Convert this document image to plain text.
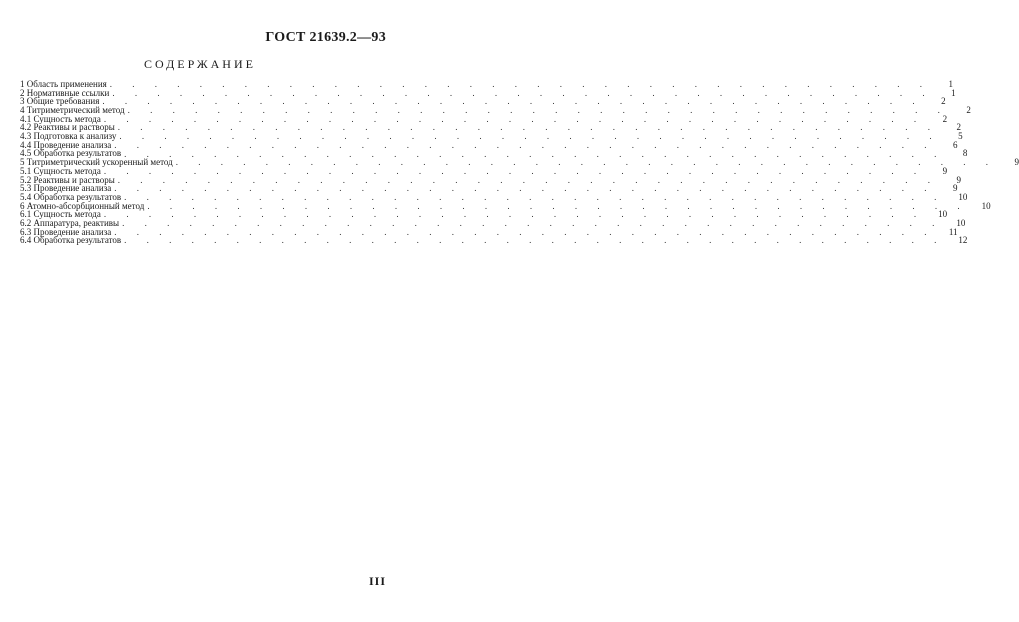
ГОСТ 21639.2—93
СОДЕРЖАНИЕ
1 Область применения . . . . . . . . . . . . . . . . . . . . . . . . . . . . . . . . . . . . .	1
2 Нормативные ссылки . . . . . . . . . . . . . . . . . . . . . . . . . . . . . . . . . . . . .	1
3 Общие требования . . . . . . . . . . . . . . . . . . . . . . . . . . . . . . . . . . . . .	2
4 Титриметрический метод . . . . . . . . . . . . . . . . . . . . . . . . . . . . . . . . . . . . .	2
4.1 Сущность метода . . . . . . . . . . . . . . . . . . . . . . . . . . . . . . . . . . . . .	2
4.2 Реактивы и растворы . . . . . . . . . . . . . . . . . . . . . . . . . . . . . . . . . . . . .	2
4.3 Подготовка к анализу . . . . . . . . . . . . . . . . . . . . . . . . . . . . . . . . . . . . .	5
4.4 Проведение анализа . . . . . . . . . . . . . . . . . . . . . . . . . . . . . . . . . . . . .	6
4.5 Обработка результатов . . . . . . . . . . . . . . . . . . . . . . . . . . . . . . . . . . . . .	8
5 Титриметрический ускоренный метод . . . . . . . . . . . . . . . . . . . . . . . . . . . . . . . . . . . . .	9
5.1 Сущность метода . . . . . . . . . . . . . . . . . . . . . . . . . . . . . . . . . . . . .	9
5.2 Реактивы и растворы . . . . . . . . . . . . . . . . . . . . . . . . . . . . . . . . . . . . .	9
5.3 Проведение анализа . . . . . . . . . . . . . . . . . . . . . . . . . . . . . . . . . . . . .	9
5.4 Обработка результатов . . . . . . . . . . . . . . . . . . . . . . . . . . . . . . . . . . . . .	10
6 Атомно-абсорбционный метод . . . . . . . . . . . . . . . . . . . . . . . . . . . . . . . . . . . . .	10
6.1 Сущность метода . . . . . . . . . . . . . . . . . . . . . . . . . . . . . . . . . . . . .	10
6.2 Аппаратура, реактивы . . . . . . . . . . . . . . . . . . . . . . . . . . . . . . . . . . . . .	10
6.3 Проведение анализа . . . . . . . . . . . . . . . . . . . . . . . . . . . . . . . . . . . . .	11
6.4 Обработка результатов . . . . . . . . . . . . . . . . . . . . . . . . . . . . . . . . . . . . .	12
III
